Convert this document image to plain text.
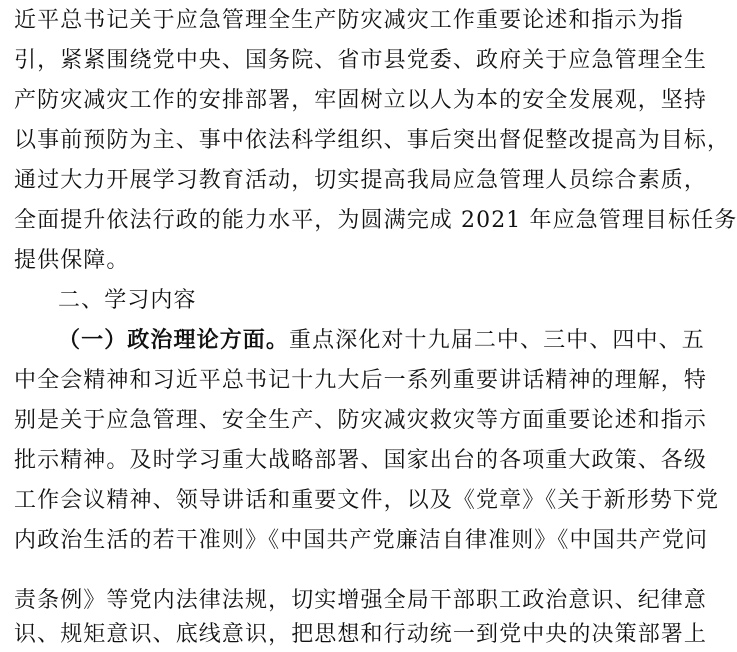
近平总书记关于应急管理全生产防灾减灾工作重要论述和指示为指
引，紧紧围绕党中央、国务院、省市县党委、政府关于应急管理全生
产防灾减灾工作的安排部署，牢固树立以人为本的安全发展观，坚持
以事前预防为主、事中依法科学组织、事后突出督促整改提高为目标，
通过大力开展学习教育活动，切实提高我局应急管理人员综合素质，
全面提升依法行政的能力水平，为圆满完成 2021 年应急管理目标任务
提供保障。
二、学习内容
（一）政治理论方面。重点深化对十九届二中、三中、四中、五
中全会精神和习近平总书记十九大后一系列重要讲话精神的理解，特
别是关于应急管理、安全生产、防灾减灾救灾等方面重要论述和指示
批示精神。及时学习重大战略部署、国家出台的各项重大政策、各级
工作会议精神、领导讲话和重要文件，以及《党章》《关于新形势下党
内政治生活的若干准则》《中国共产党廉洁自律准则》《中国共产党问
责条例》等党内法律法规，切实增强全局干部职工政治意识、纪律意
识、规矩意识、底线意识，把思想和行动统一到党中央的决策部署上
